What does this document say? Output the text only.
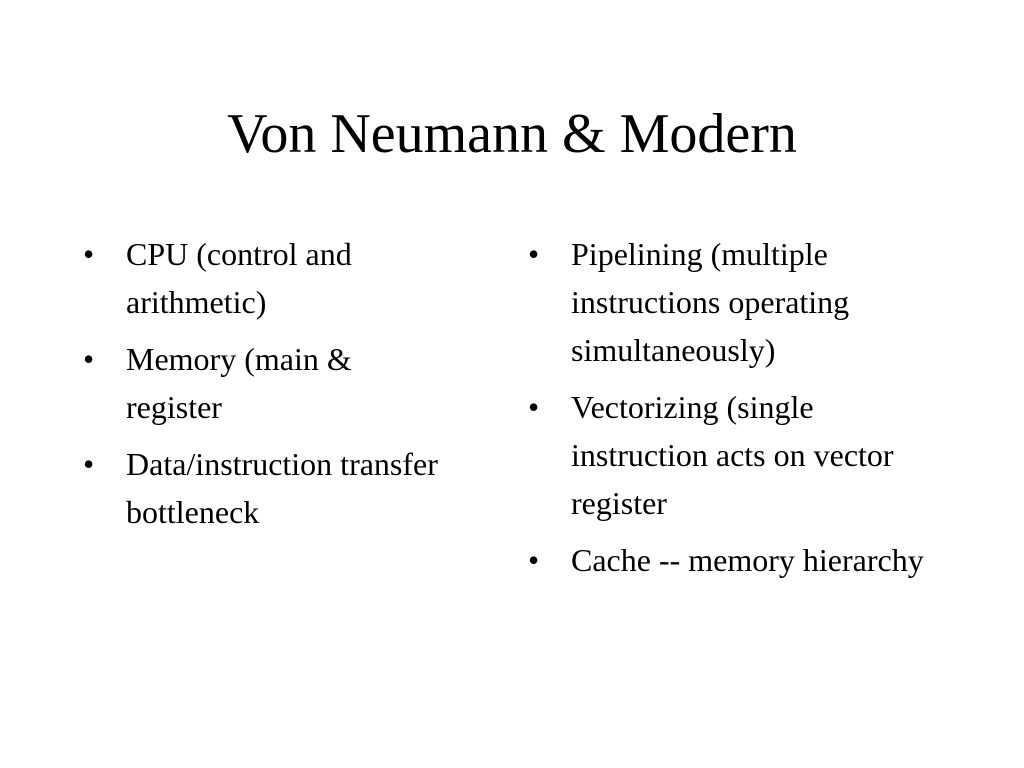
Von Neumann & Modern
• CPU (control and arithmetic)
• Memory (main & register
• Data/instruction transfer bottleneck
• Pipelining (multiple instructions operating simultaneously)
• Vectorizing (single instruction acts on vector register
• Cache -- memory hierarchy
